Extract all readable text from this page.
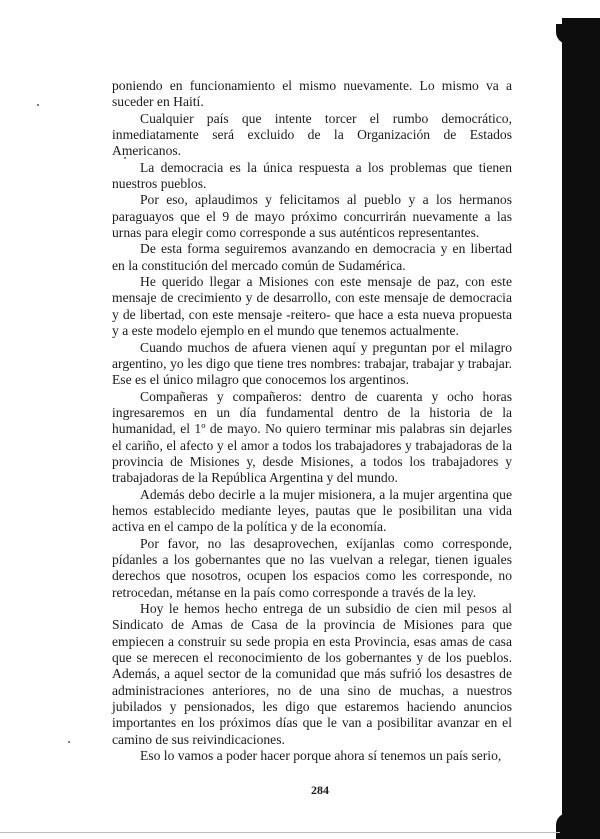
poniendo en funcionamiento el mismo nuevamente. Lo mismo va a suceder en Haití.

Cualquier país que intente torcer el rumbo democrático, inmediatamente será excluido de la Organización de Estados Americanos.

La democracia es la única respuesta a los problemas que tienen nuestros pueblos.

Por eso, aplaudimos y felicitamos al pueblo y a los hermanos paraguayos que el 9 de mayo próximo concurrirán nuevamente a las urnas para elegir como corresponde a sus auténticos representantes.

De esta forma seguiremos avanzando en democracia y en libertad en la constitución del mercado común de Sudamérica.

He querido llegar a Misiones con este mensaje de paz, con este mensaje de crecimiento y de desarrollo, con este mensaje de democracia y de libertad, con este mensaje -reitero- que hace a esta nueva propuesta y a este modelo ejemplo en el mundo que tenemos actualmente.

Cuando muchos de afuera vienen aquí y preguntan por el milagro argentino, yo les digo que tiene tres nombres: trabajar, trabajar y trabajar. Ese es el único milagro que conocemos los argentinos.

Compañeras y compañeros: dentro de cuarenta y ocho horas ingresaremos en un día fundamental dentro de la historia de la humanidad, el 1º de mayo. No quiero terminar mis palabras sin dejarles el cariño, el afecto y el amor a todos los trabajadores y trabajadoras de la provincia de Misiones y, desde Misiones, a todos los trabajadores y trabajadoras de la República Argentina y del mundo.

Además debo decirle a la mujer misionera, a la mujer argentina que hemos establecido mediante leyes, pautas que le posibilitan una vida activa en el campo de la política y de la economía.

Por favor, no las desaprovechen, exíjanlas como corresponde, pídanles a los gobernantes que no las vuelvan a relegar, tienen iguales derechos que nosotros, ocupen los espacios como les corresponde, no retrocedan, métanse en la país como corresponde a través de la ley.

Hoy le hemos hecho entrega de un subsidio de cien mil pesos al Sindicato de Amas de Casa de la provincia de Misiones para que empiecen a construir su sede propia en esta Provincia, esas amas de casa que se merecen el reconocimiento de los gobernantes y de los pueblos. Además, a aquel sector de la comunidad que más sufrió los desastres de administraciones anteriores, no de una sino de muchas, a nuestros jubilados y pensionados, les digo que estaremos haciendo anuncios importantes en los próximos días que le van a posibilitar avanzar en el camino de sus reivindicaciones.

Eso lo vamos a poder hacer porque ahora sí tenemos un país serio,

284
